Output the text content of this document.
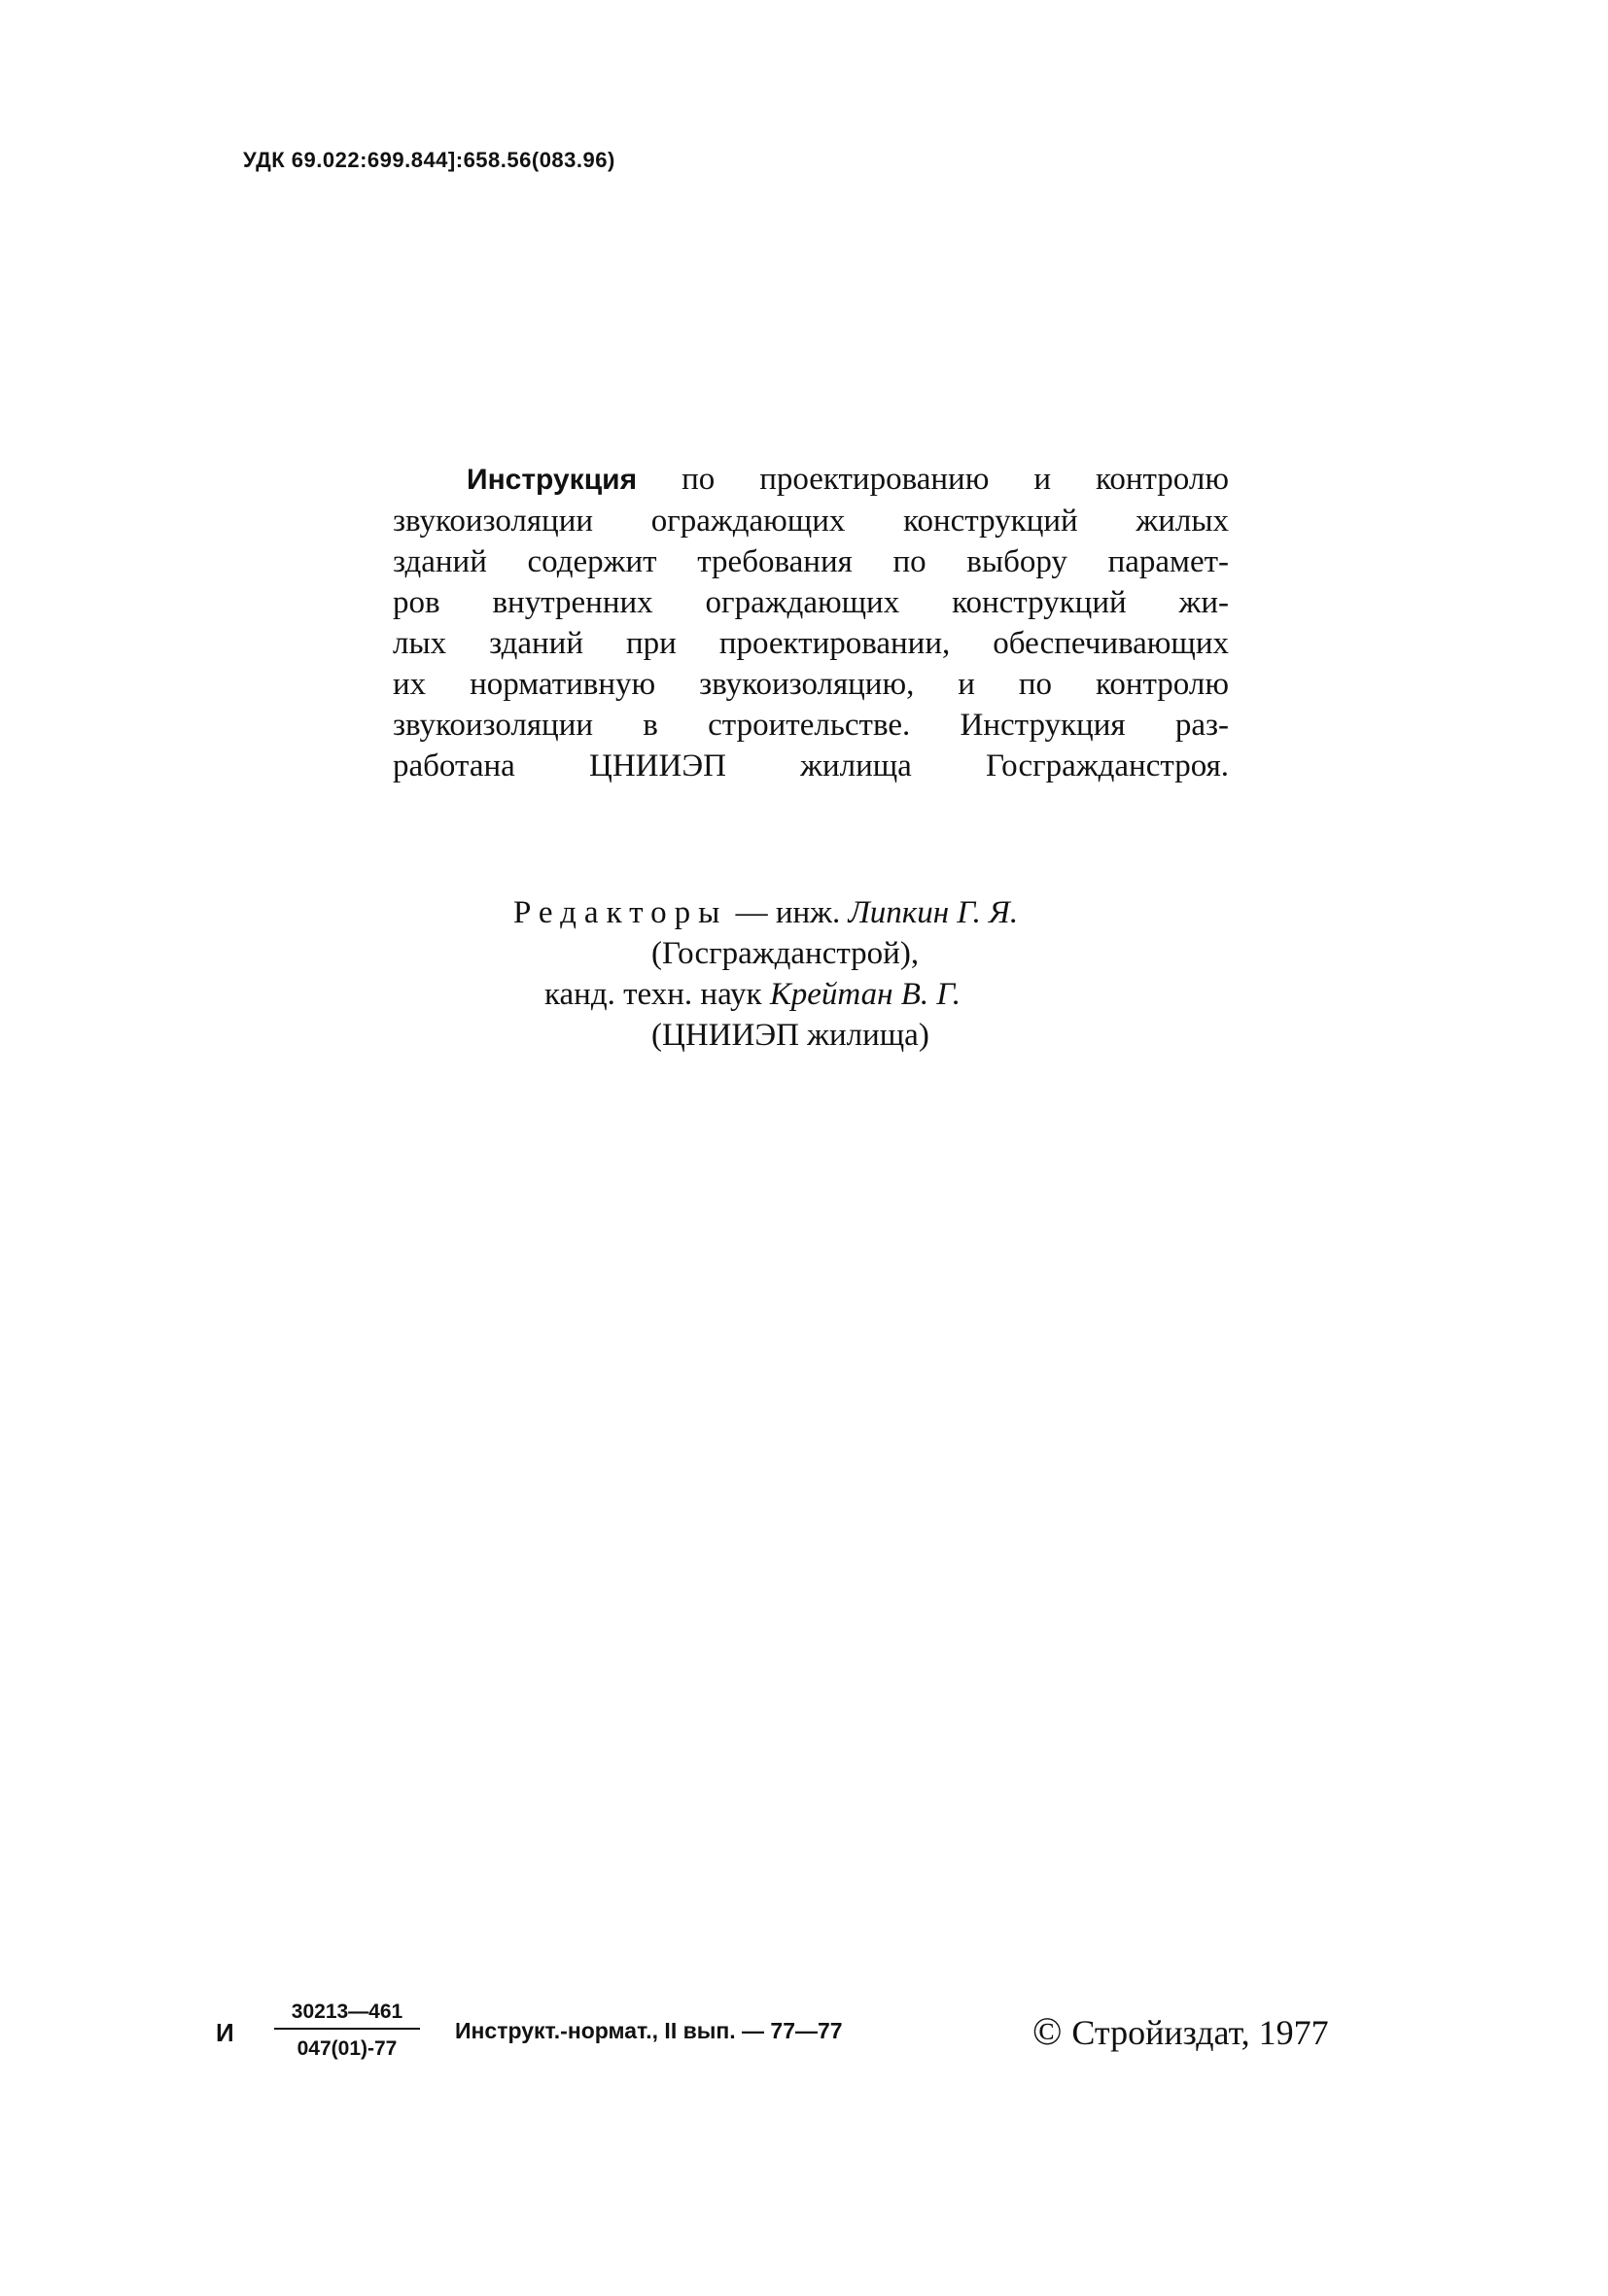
УДК 69.022:699.844]:658.56(083.96)
Инструкция по проектированию и контролю
звукоизоляции ограждающих конструкций жилых
зданий содержит требования по выбору парамет-
ров внутренних ограждающих конструкций жи-
лых зданий при проектировании, обеспечивающих
их нормативную звукоизоляцию, и по контролю
звукоизоляции в строительстве. Инструкция раз-
работана ЦНИИЭП жилища Госгражданстроя.
Редакторы — инж. Липкин Г. Я.
(Госгражданстрой),
канд. техн. наук Крейтан В. Г.
(ЦНИИЭП жилища)
И $\frac{30213—461}{047(01)-77}$ Инструкт.-нормат., II вып. — 77—77	© Стройиздат, 1977
